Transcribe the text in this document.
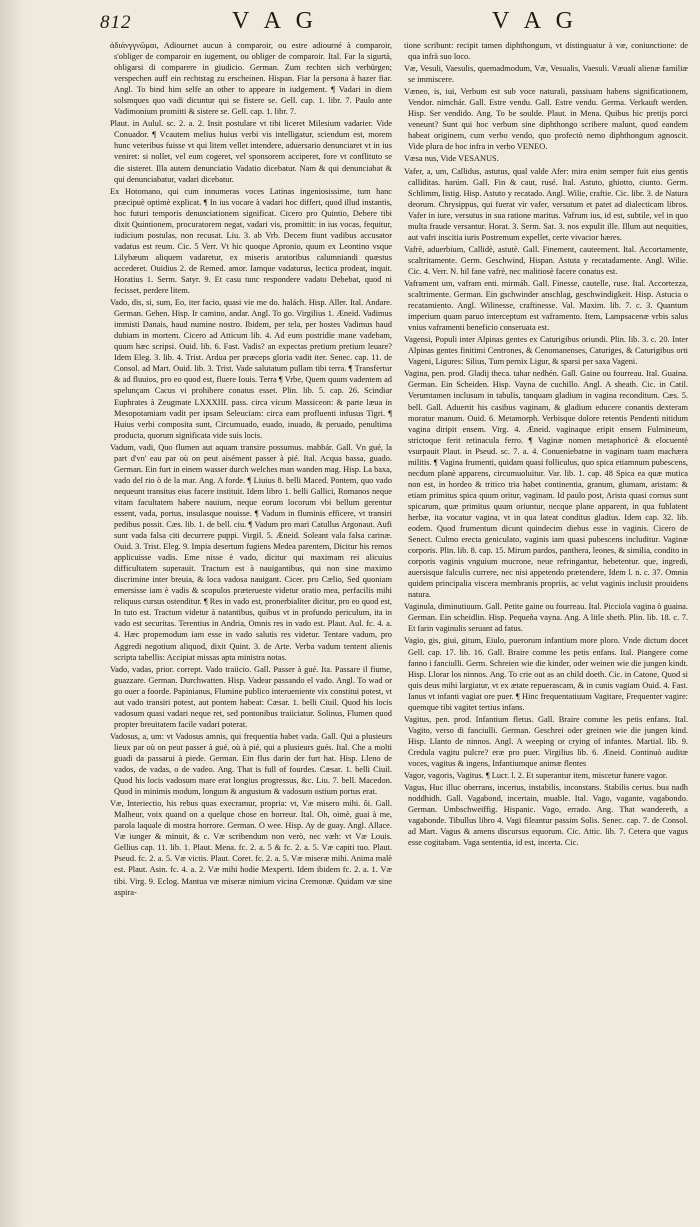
812	V A G	V A G

ἀδιάνγγνῶμαι, Adiournet aucun à comparoir, ou estre adiourné à comparoir, s'obliger de comparoir en iugement, ou obliger de comparoir. Ital. Far la sigurtà, obligarsi di comparere in giudicio. German. Zum rechten sich verbürgen; verspechen auff ein rechtstag zu erscheinen. Hispan. Fiar la persona à hazer fiar. Angl. To bind him selfe an other to appeare in iudgement. ¶ Vadari in diem solsmques quo vadi dicuntur qui se fistere se. Gell. cap. 1. libr. 7. Paulo ante Vadimonium promitti & sistere se. Gell. cap. 1. libr. 7.

Plaut. in Aulul. sc. 2. a. 2. Insit postulare vt tibi liceret Milesium vadarier. Vide Conuador. ¶ Vcautem melius huius verbi vis intelligatur, sciendum est, morem hunc veteribus fuisse vt qui litem vellet intendere, aduersario denunciaret vt in ius veniret: si nollet, vel eum cogeret, vel sponsorem acciperet, fore vt conflituto se die sisteret. Illa autem denunciatio Vadatio dicebatur. Nam & qui denunciabat & qui denunciabatur, vadari dicebatur.

Ex Hotomano, qui cum innumeras voces Latinas ingeniosissime, tum hanc præcipuè optimè explicat. ¶ In ius vocare à vadari hoc differt, quod illud instantis, hoc futuri temporis denunciationem significat. Cicero pro Quintio, Debere tibi dixit Quintionem, procuratorem negat, vadari vis, promittit: in ius vocas, fequitur, iudicium postulas, non recusat. Liu. 3. ab Vrb. Decem fiunt vadibus accusator vadatus est reum. Cic. 5 Verr. Vt hic quoque Apronio, quum ex Leontino vsque Lilybæum aliquem vadaretur, ex miseris aratoribus calumniandi quæstus accederet. Ouidius 2. de Remed. amor. Iamque vadaturus, lectica prodeat, inquit. Horatius 1. Serm. Satyr. 9. Et casu tunc respondere vadato Debebat, quod ni fecisset, perdere litem.

Vado, dis, si, sum, Eo, iter facio, quasi vie me do. halách. Hisp. Aller. Ital. Andare. German. Gehen. Hisp. Ir camino, andar. Angl. To go. Virgilius 1. Æneid. Vadimus immisti Danais, haud numine nostro. Ibidem, per tela, per hostes Vadimus haud dubiam in mortem. Cicero ad Atticum lib. 4. Ad eum postridie mane vadebam, quum hæc scripsi. Ouid. lib. 6. Fast. Vadis? an expectas pretium pretium leuare? Idem Eleg. 3. lib. 4. Trist. Ardua per præceps gloria vadit iter. Senec. cap. 11. de Consol. ad Mart. Ouid. lib. 3. Trist. Vade salutatum pullam tibi terra. ¶ Transfertur & ad fluuios, pro eo quod est, fluere Iouis. Terra ¶ Vrbe, Quem quum vadentem ad spelunçam Cacus vi prohibere conatus esset. Plin. lib. 5. cap. 26. Scindiar Euphrates à Zeugmate LXXXIII. pass. circa vicum Massiceon: & parte læua in Mesopotamiam vadit per ipsam Seleuciam: circa eam profluenti infusus Tigri. ¶ Huius verbi composita sunt, Circumuado, euado, inuado, & peruado, penultima producta, quorum significata vide suis locis.

Vadum, vadi, Quo flumen aut aquam transire possumus. mabbár. Gall. Vn gué, la part d'vn' eau par où on peut aisément passer à pié. Ital. Acqua bassa, guado. German. Ein furt in einem wasser durch welches man wanden mag. Hisp. La baxa, vado del rio ò de la mar. Ang. A forde. ¶ Liuius 8. belli Maced. Pontem, quo vado nequeunt transitus eius facere instituit. Idem libro 1. belli Gallici, Romanos neque vitam facultatem habere nauium, neque eorum locorum vbi bellum gerentur essent, vada, portus, insulasque nouisse. ¶ Vadum in fluminis efficere, vt transiri pedibus possit. Cæs. lib. 1. de bell. ciu. ¶ Vadum pro mari Catullus Argonaut. Aufi sunt vada falsa citi decurrere puppi. Virgil. 5. Æneid. Soleant vala falsa carinæ. Ouid. 3. Trist. Eleg. 9. Impia desertum fugiens Medea parentem, Dicitur his remos applicuisse vadis. Eme nisse è vado, dicitur qui maximam rei alicuius difficultatem superauit. Tractum est à nauigantibus, qui non sine maximo discrimine inter breuia, & loca vadosa nauigant. Cicer. pro Cælio, Sed quoniam emersisse iam è vadis & scopulos præterueste videtur oratio mea, perfacilis mihi reliquus cursus ostenditur. ¶ Res in vado est, pronerbialiter dicitur, pro eo quod est, In tuto est. Tractum videtur à natantibus, quibus vt in profundo periculum, ita in vado est securitas. Terentius in Andria, Omnis res in vado est. Plaut. Aul. fc. 4. a. 4. Hæc propemodum iam esse in vado salutis res videtur. Tentare vadum, pro Aggredi negotium aliquod, dixit Quint. 3. de Arte. Verba vadum tentent alienis scripta tabellis: Accipiat missas apta ministra notas.

Vado, vadas, prior. corrept. Vado traiicio. Gall. Passer à gué. Ita. Passare il fiume, guazzare. German. Durchwatten. Hisp. Vadear passando el vado. Angl. To wad or go ouer a foorde. Papinianus, Flumine publico interueniente vix constitui potest, vt aut vado transiri potest, aut pontem habeat: Cæsar. 1. belli Ciuil. Quod his locis vadosum quasi vadari neque ret, sed pontonibus traiiciatur. Solinus, Flumen quod propter breuitatem facile vadari poterat.

Vadosus, a, um: vt Vadosus amnis, qui frequentia habet vada. Gall. Qui a plusieurs lieux par où on peut passer à gué, où à pié, qui a plusieurs gués. Ital. Che a molti guadi da passarui à piede. German. Ein flus darin der furt hat. Hisp. Lleno de vados, de vadas, o de vadeo. Ang. That is full of fourdes. Cæsar. 1. belli Ciuil. Quod his locis vadosum mare erat longius progressus, &c. Liu. 7. bell. Macedon. Quod in minimis modum, longum & angustum & vadosum ostium portus erat.

Væ, Interiectio, his rebus quas execramur, propria: vt, Væ misero mihi. ôi. Gall. Malheur, voix quand on a quelque chose en horreur. Ital. Oh, oimè, guai à me, parola laquale di mostra horrore. German. O wee. Hisp. Ay de guay. Angl. Allace. Væ iunger & minuit, & c. Væ scribendum non verò, nec væh: vt Væ Louis. Gellius cap. 11. lib. 1. Plaut. Mena. fc. 2. a. 5 & fc. 2. a. 5. Væ capiti tuo. Plaut. Pseud. fc. 2. a. 5. Væ victis. Plaut. Coret. fc. 2. a. 5. Væ miseræ mihi. Anima malè est. Plaut. Asin. fc. 4. a. 2. Væ mihi hodie Mexperti. Idem ibidem fc. 2. a. 1. Væ tibi. Virg. 9. Eclog. Mantua væ miseræ nimium vicina Cremonæ. Quidam væ sine aspira-

tione scribunt: recipit tamen diphthongum, vt distinguatur à væ, coniunctione: de qua infrà suo loco.

Væ, Vesuli, Vaesulis, quemadmodum, Væ, Vesualis, Vaesuli. Væuali alienæ familiæ se immiscere.

Væneo, is, iui, Verbum est sub voce naturali, passiuam habens significationem, Vendor. nimchár. Gall. Estre vendu. Gall. Estre vendu. Germa. Verkauft werden. Hisp. Ser vendido. Ang. To be soulde. Plaut. in Mena. Quibus hic pretijs porci veneunt? Sunt qui hoc verbum sine diphthongo scribere malunt, quod eandem habeat originem, cum verbo vendo, quo profectò nemo diphthongum agnoscit. Vide plura de hoc infra in verbo VENEO.

Væsa nus, Vide VESANUS.

Vafer, a, um, Callidus, astutus, qual valde Afer: mira enim semper fuit eius gentis calliditas. harúm. Gall. Fin & caut, rusé. Ital. Astuto, ghiotto, ciunto. Germ. Schlimm, listig. Hisp. Astuto y recatado. Angl. Wilie, craftie. Cic. libr. 3. de Natura deorum. Chrysippus, qui fuerat vir vafer, versutum et patet ad dialecticam libros. Vafer in iure, versutus in sua ratione maritus. Vafrum ius, id est, subtile, vel in quo multa fraude versantur. Horat. 3. Serm. Sat. 3. nos expulit ille. Illum aut nequities, aut vafri inscitia iuris Postremum expellet, certe vivacior hæres.

Vafrè, aduerbium, Callidè, astutè. Gall. Finement, cauteement. Ital. Accortamente, scaltritamente. Germ. Geschwind, Hispan. Astuta y recatadamente. Angl. Wilie. Cic. 4. Verr. N. hil fane vafrè, nec malitiosè facere conatus est.

Vaframent um, vafram enti. mirmáh. Gall. Finesse, cautelle, ruse. Ital. Accortezza, scaltrimente. German. Ein gschwinder anschlag, geschwindigkeit. Hisp. Astucia o recatamiento. Angl. Wilinesse, craftinesse. Val. Maxim. lib. 7. c. 3. Quantum imperium quam paruo interceptum est vaframento. Item, Lampsacenæ vrbis salus vnius vaframenti beneficio conseruata est.

Vagensi, Populi inter Alpinas gentes ex Caturigibus oriundi. Plin. lib. 3. c. 20. Inter Alpinas gentes finitimi Centrones, & Cenomanenses, Caturiges, & Caturigibus orti Vageni, Ligures: Silius, Tum pernix Ligur, & sparsi per saxa Vageni.

Vagina, pen. prod. Gladij theca. tahar nedhén. Gall. Gaine ou fourreau. Ital. Guaina. German. Ein Scheiden. Hisp. Vayna de cuchillo. Angl. A sheath. Cic. in Catil. Verumtamen inclusum in tabulis, tanquam gladium in vagina reconditum. Cæs. 5. bell. Gall. Aduertit his casibus vaginam, & gladium educere conantis dexteram moratur manum. Ouid. 6. Metamorph. Verbisque dolore retentis Pendenti nitidum vagina diripit ensem. Virg. 4. Æneid. vaginaque eripit ensem Fulmineum, strictoque ferit retinacula ferro. ¶ Vaginæ nomen metaphoricè & elocuentè vsurpauit Plaut. in Pseud. sc. 7. a. 4. Conueniebatne in vaginam tuam machæra militis. ¶ Vagina frumenti, quidam quasi folliculus, quo spica etiamnum pubescens, necdum planè apparens, circumuoluitur. Var. lib. 1. cap. 48 Spica ea quæ mutica non est, in hordeo & tritico tria habet continentia, granum, glumam, aristam: & etiam primitus spica quum oritur, vaginam. Id paulo post, Arista quasi cornus sunt spicarum, quæ primitus quum oriuntur, necque plane apparent, in qua fublatent herbæ, ita vocatur vagina, vt in qua lateat conditus gladius. Idem cap. 32. lib. eodem. Quod frumentum dicunt quindecim diebus esse in vaginis. Cicero de Senect. Culmo erecta geniculato, vaginis iam quasi pubescens includitur. Vaginæ corporis. Plin. lib. 8. cap. 15. Mirum pardos, panthera, leones, & similia, condito in corporis vaginis vnguium mucrone, neue refringantur, hebetentur. que, ingredi, auersisque falculis currere, nec nisi appetendo prætendere, Idem l. n. c. 37. Omnia quidem principalia viscera membranis propriis, ac velut vaginis inclusit prouidens natura.

Vaginula, diminutiuum. Gall. Petite gaine ou fourreau. Ital. Picciola vagina ò guaina. German. Ein scheidlin. Hisp. Pequeña vayna. Ang. A litle sheth. Plin. lib. 18. c. 7. Et farin vaginulis seruant ad fatus.

Vagio, gis, giui, gitum, Eiulo, puerorum infantium more ploro. Vnde dictum docet Gell. cap. 17. lib. 16. Gall. Braire comme les petis enfans. Ital. Piangere come fanno i fanciulli. Germ. Schreien wie die kinder, oder weinen wie die jungen kindt. Hisp. Llorar los ninnos. Ang. To crie out as an child doeth. Cic. in Catone, Quod si quis deus mihi largiatur, vt ex ætate repuerascam, & in cunis vagiam Ouid. 4. Fast. Ianus vt infanti vagiat ore puer. ¶ Hinc frequentatiuum Vagitare, Frequenter vagire: quemque tibi vagitet tertius infans.

Vagitus, pen. prod. Infantium fletus. Gall. Braire comme les petis enfans. Ital. Vagito, verso di fanciulli. German. Geschrei oder greinen wie die jungen kind. Hisp. Llanto de ninnos. Angl. A weeping or crying of infantes. Martial. lib. 9. Credula vagitu pulcre? eræ pro puer. Virgilius lib. 6. Æneid. Continuò auditæ voces, vagitus & ingens, Infantiumque animæ flentes

Vagor, vagoris, Vagitus. ¶ Lucr. l. 2. Et superantur item, miscetur funere vagor.

Vagus, Huc illuc oberrans, incertus, instabilis, inconstans. Stabilis certus. bua nadh noddhidh. Gall. Vagabond, incertain, muable. Ital. Vago, vagante, vagabondo. German. Umbschweiffig. Hispanic. Vago, errado. Ang. That wandereth, a vagabonde. Tibullus libro 4. Vagi fileantur passim Solis. Senec. cap. 7. de Consol. ad Mart. Vagus & amens discursus equorum. Cic. Attic. lib. 7. Cetera que vagus esse cogitabam. Vaga sententia, id est, incerta. Cic.
